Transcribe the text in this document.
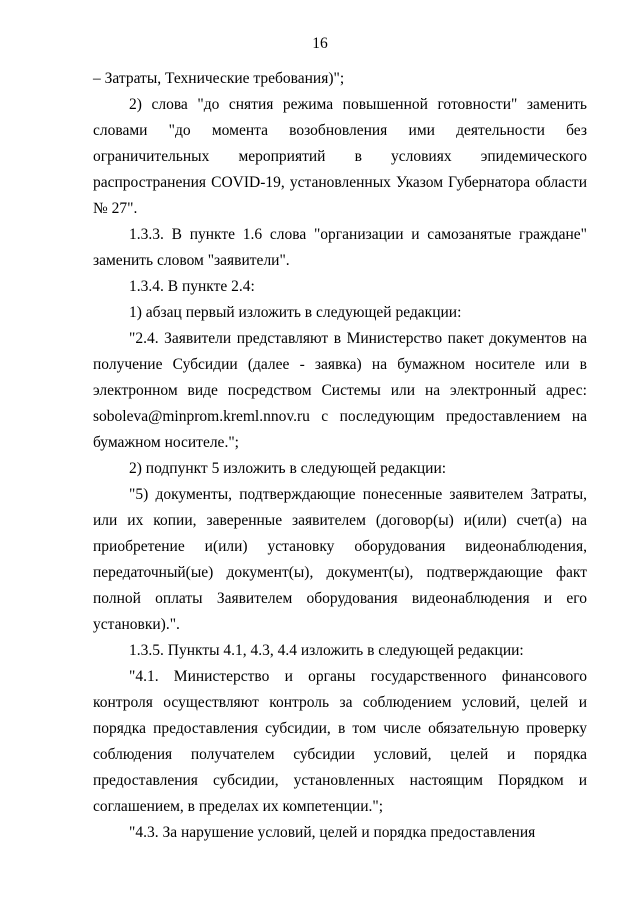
16

– Затраты, Технические требования)";

2) слова "до снятия режима повышенной готовности" заменить словами "до момента возобновления ими деятельности без ограничительных мероприятий в условиях эпидемического распространения COVID-19, установленных Указом Губернатора области № 27".

1.3.3. В пункте 1.6 слова "организации и самозанятые граждане" заменить словом "заявители".

1.3.4. В пункте 2.4:

1) абзац первый изложить в следующей редакции:

"2.4. Заявители представляют в Министерство пакет документов на получение Субсидии (далее - заявка) на бумажном носителе или в электронном виде посредством Системы или на электронный адрес: soboleva@minprom.kreml.nnov.ru с последующим предоставлением на бумажном носителе.";

2) подпункт 5 изложить в следующей редакции:

"5) документы, подтверждающие понесенные заявителем Затраты, или их копии, заверенные заявителем (договор(ы) и(или) счет(а) на приобретение и(или) установку оборудования видеонаблюдения, передаточный(ые) документ(ы), документ(ы), подтверждающие факт полной оплаты Заявителем оборудования видеонаблюдения и его установки).".

1.3.5. Пункты 4.1, 4.3, 4.4 изложить в следующей редакции:

"4.1. Министерство и органы государственного финансового контроля осуществляют контроль за соблюдением условий, целей и порядка предоставления субсидии, в том числе обязательную проверку соблюдения получателем субсидии условий, целей и порядка предоставления субсидии, установленных настоящим Порядком и соглашением, в пределах их компетенции.";

"4.3. За нарушение условий, целей и порядка предоставления
